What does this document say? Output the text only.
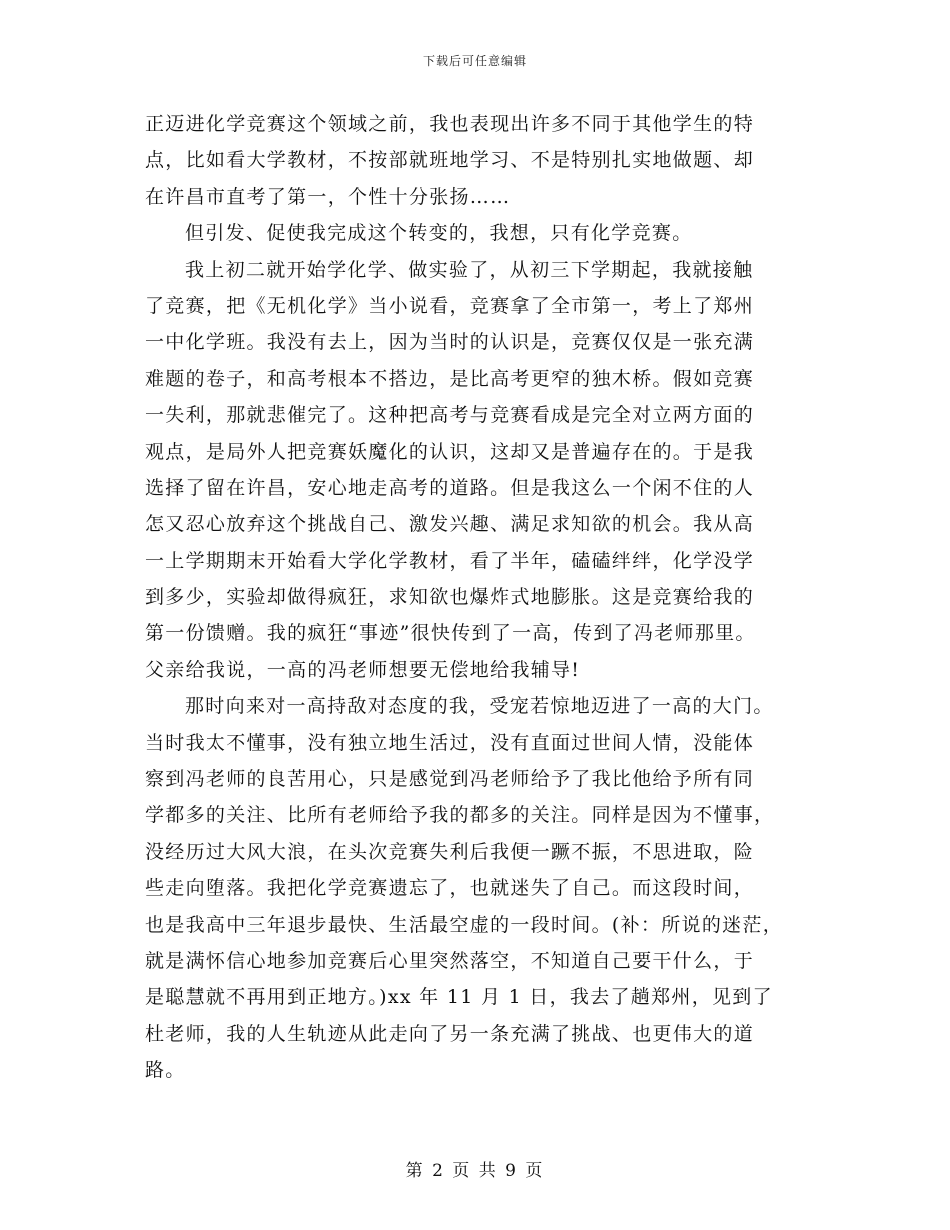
下载后可任意编辑
正迈进化学竞赛这个领域之前，我也表现出许多不同于其他学生的特
点，比如看大学教材，不按部就班地学习、不是特别扎实地做题、却
在许昌市直考了第一，个性十分张扬……
但引发、促使我完成这个转变的，我想，只有化学竞赛。
我上初二就开始学化学、做实验了，从初三下学期起，我就接触
了竞赛，把《无机化学》当小说看，竞赛拿了全市第一，考上了郑州
一中化学班。我没有去上，因为当时的认识是，竞赛仅仅是一张充满
难题的卷子，和高考根本不搭边，是比高考更窄的独木桥。假如竞赛
一失利，那就悲催完了。这种把高考与竞赛看成是完全对立两方面的
观点，是局外人把竞赛妖魔化的认识，这却又是普遍存在的。于是我
选择了留在许昌，安心地走高考的道路。但是我这么一个闲不住的人
怎又忍心放弃这个挑战自己、激发兴趣、满足求知欲的机会。我从高
一上学期期末开始看大学化学教材，看了半年，磕磕绊绊，化学没学
到多少，实验却做得疯狂，求知欲也爆炸式地膨胀。这是竞赛给我的
第一份馈赠。我的疯狂“事迹”很快传到了一高，传到了冯老师那里。
父亲给我说，一高的冯老师想要无偿地给我辅导!
那时向来对一高持敌对态度的我，受宠若惊地迈进了一高的大门。
当时我太不懂事，没有独立地生活过，没有直面过世间人情，没能体
察到冯老师的良苦用心，只是感觉到冯老师给予了我比他给予所有同
学都多的关注、比所有老师给予我的都多的关注。同样是因为不懂事，
没经历过大风大浪，在头次竞赛失利后我便一蹶不振，不思进取，险
些走向堕落。我把化学竞赛遗忘了，也就迷失了自己。而这段时间，
也是我高中三年退步最快、生活最空虚的一段时间。(补：所说的迷茫，
就是满怀信心地参加竞赛后心里突然落空，不知道自己要干什么，于
是聪慧就不再用到正地方。)xx 年 11 月 1 日，我去了趟郑州，见到了
杜老师，我的人生轨迹从此走向了另一条充满了挑战、也更伟大的道
路。
第 2 页 共 9 页
